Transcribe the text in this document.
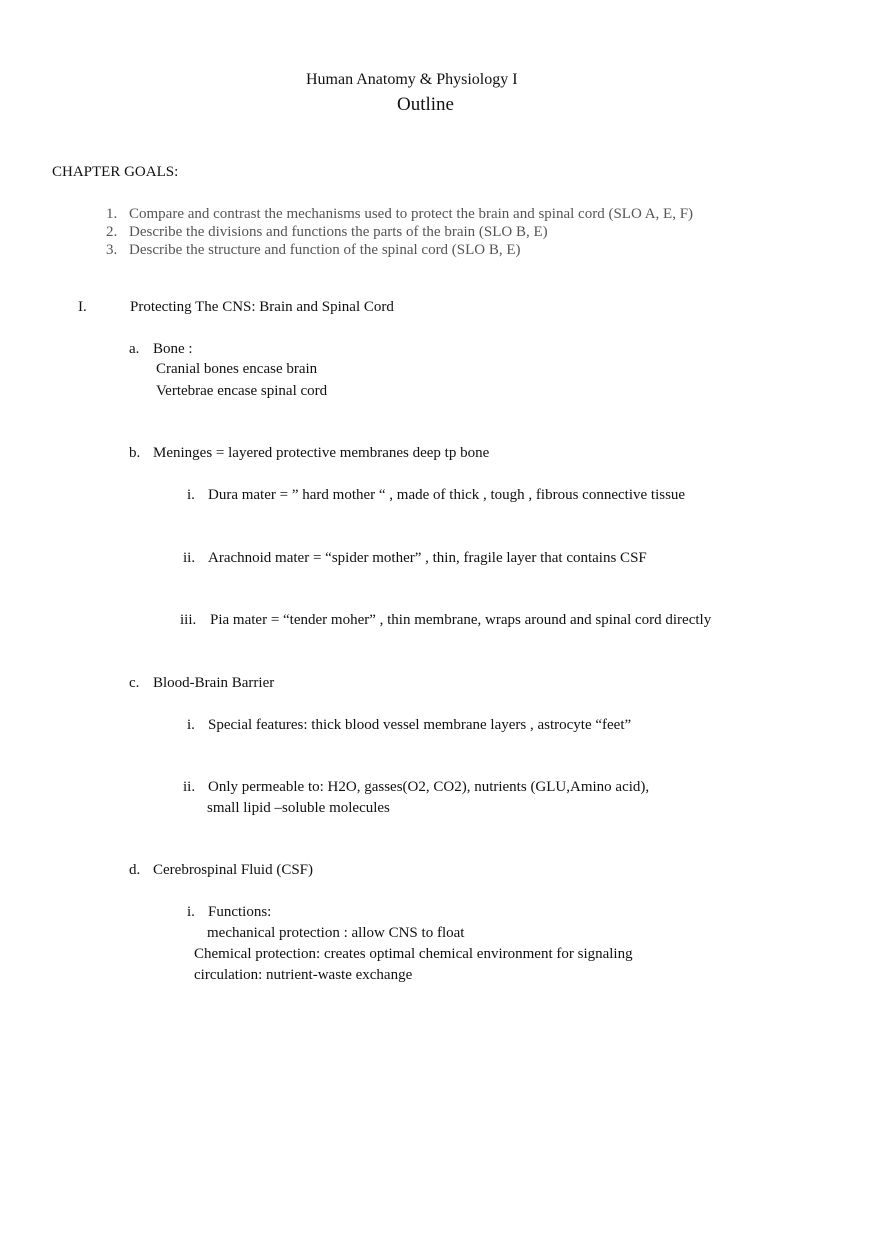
Human Anatomy & Physiology I
Outline
CHAPTER GOALS:
1. Compare and contrast the mechanisms used to protect the brain and spinal cord (SLO A, E, F)
2. Describe the divisions and functions the parts of the brain (SLO B, E)
3. Describe the structure and function of the spinal cord (SLO B, E)
I.	Protecting The CNS: Brain and Spinal Cord
a. Bone :
Cranial bones encase brain
Vertebrae encase spinal cord
b. Meninges = layered protective membranes deep tp bone
i. Dura mater = ” hard mother “ , made of thick , tough , fibrous connective tissue
ii. Arachnoid mater = “spider mother” , thin, fragile layer that contains CSF
iii. Pia mater = “tender moher” , thin membrane, wraps around and spinal cord directly
c. Blood-Brain Barrier
i. Special features: thick blood vessel membrane layers , astrocyte “feet”
ii. Only permeable to: H2O, gasses(O2, CO2), nutrients (GLU,Amino acid),
small lipid –soluble molecules
d. Cerebrospinal Fluid (CSF)
i. Functions:
mechanical protection : allow CNS to float
Chemical protection: creates optimal chemical environment for signaling
circulation: nutrient-waste exchange
